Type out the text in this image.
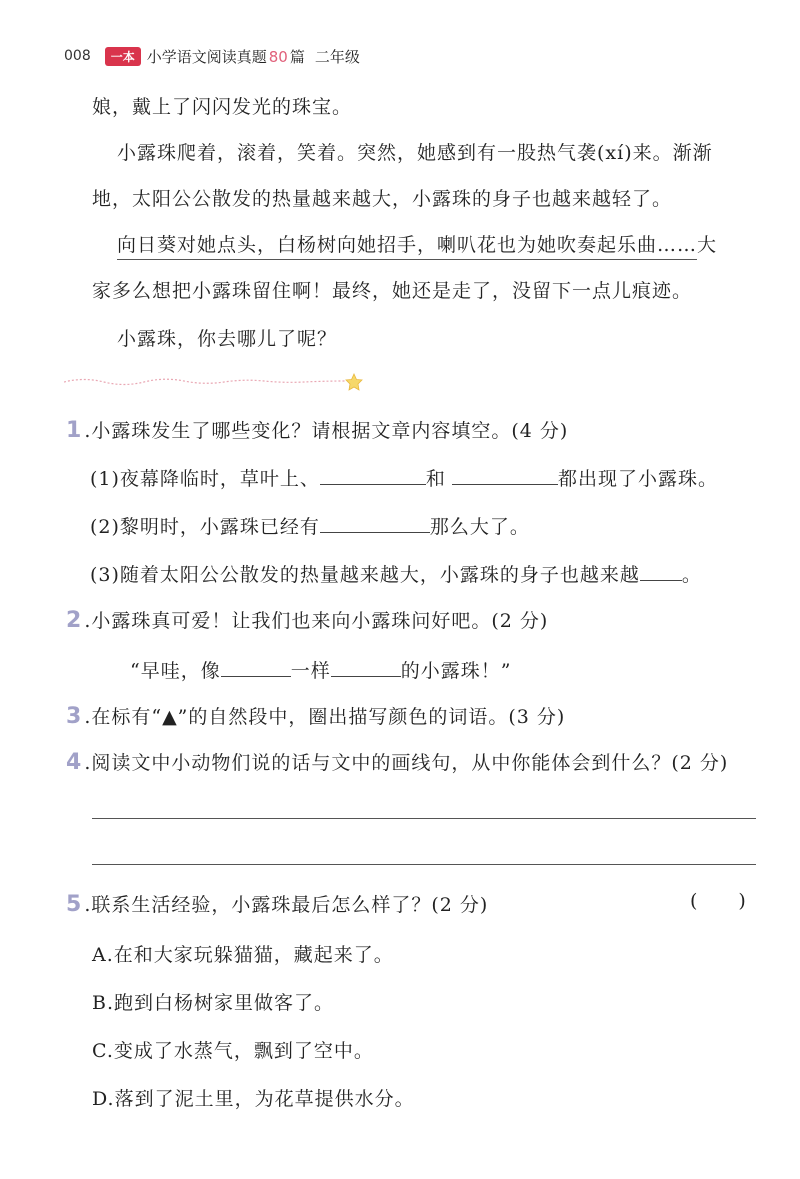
008	一本 小学语文阅读真题 80 篇 二年级
娘，戴上了闪闪发光的珠宝。
小露珠爬着，滚着，笑着。突然，她感到有一股热气袭(xí)来。渐渐
地，太阳公公散发的热量越来越大，小露珠的身子也越来越轻了。
向日葵对她点头，白杨树向她招手，喇叭花也为她吹奏起乐曲……大
家多么想把小露珠留住啊！最终，她还是走了，没留下一点儿痕迹。
小露珠，你去哪儿了呢？
1 .小露珠发生了哪些变化？请根据文章内容填空。(4 分)
(1)夜幕降临时，草叶上、	和	都出现了小露珠。
(2)黎明时，小露珠已经有	那么大了。
(3)随着太阳公公散发的热量越来越大，小露珠的身子也越来越 。
2 .小露珠真可爱！让我们也来向小露珠问好吧。(2 分)
“早哇，像	一样	的小露珠！”
3 .在标有“▲”的自然段中，圈出描写颜色的词语。(3 分)
4 .阅读文中小动物们说的话与文中的画线句，从中你能体会到什么？(2 分)
5 .联系生活经验，小露珠最后怎么样了？(2 分)	(　　)
A.在和大家玩躲猫猫，藏起来了。
B.跑到白杨树家里做客了。
C.变成了水蒸气，飘到了空中。
D.落到了泥土里，为花草提供水分。
